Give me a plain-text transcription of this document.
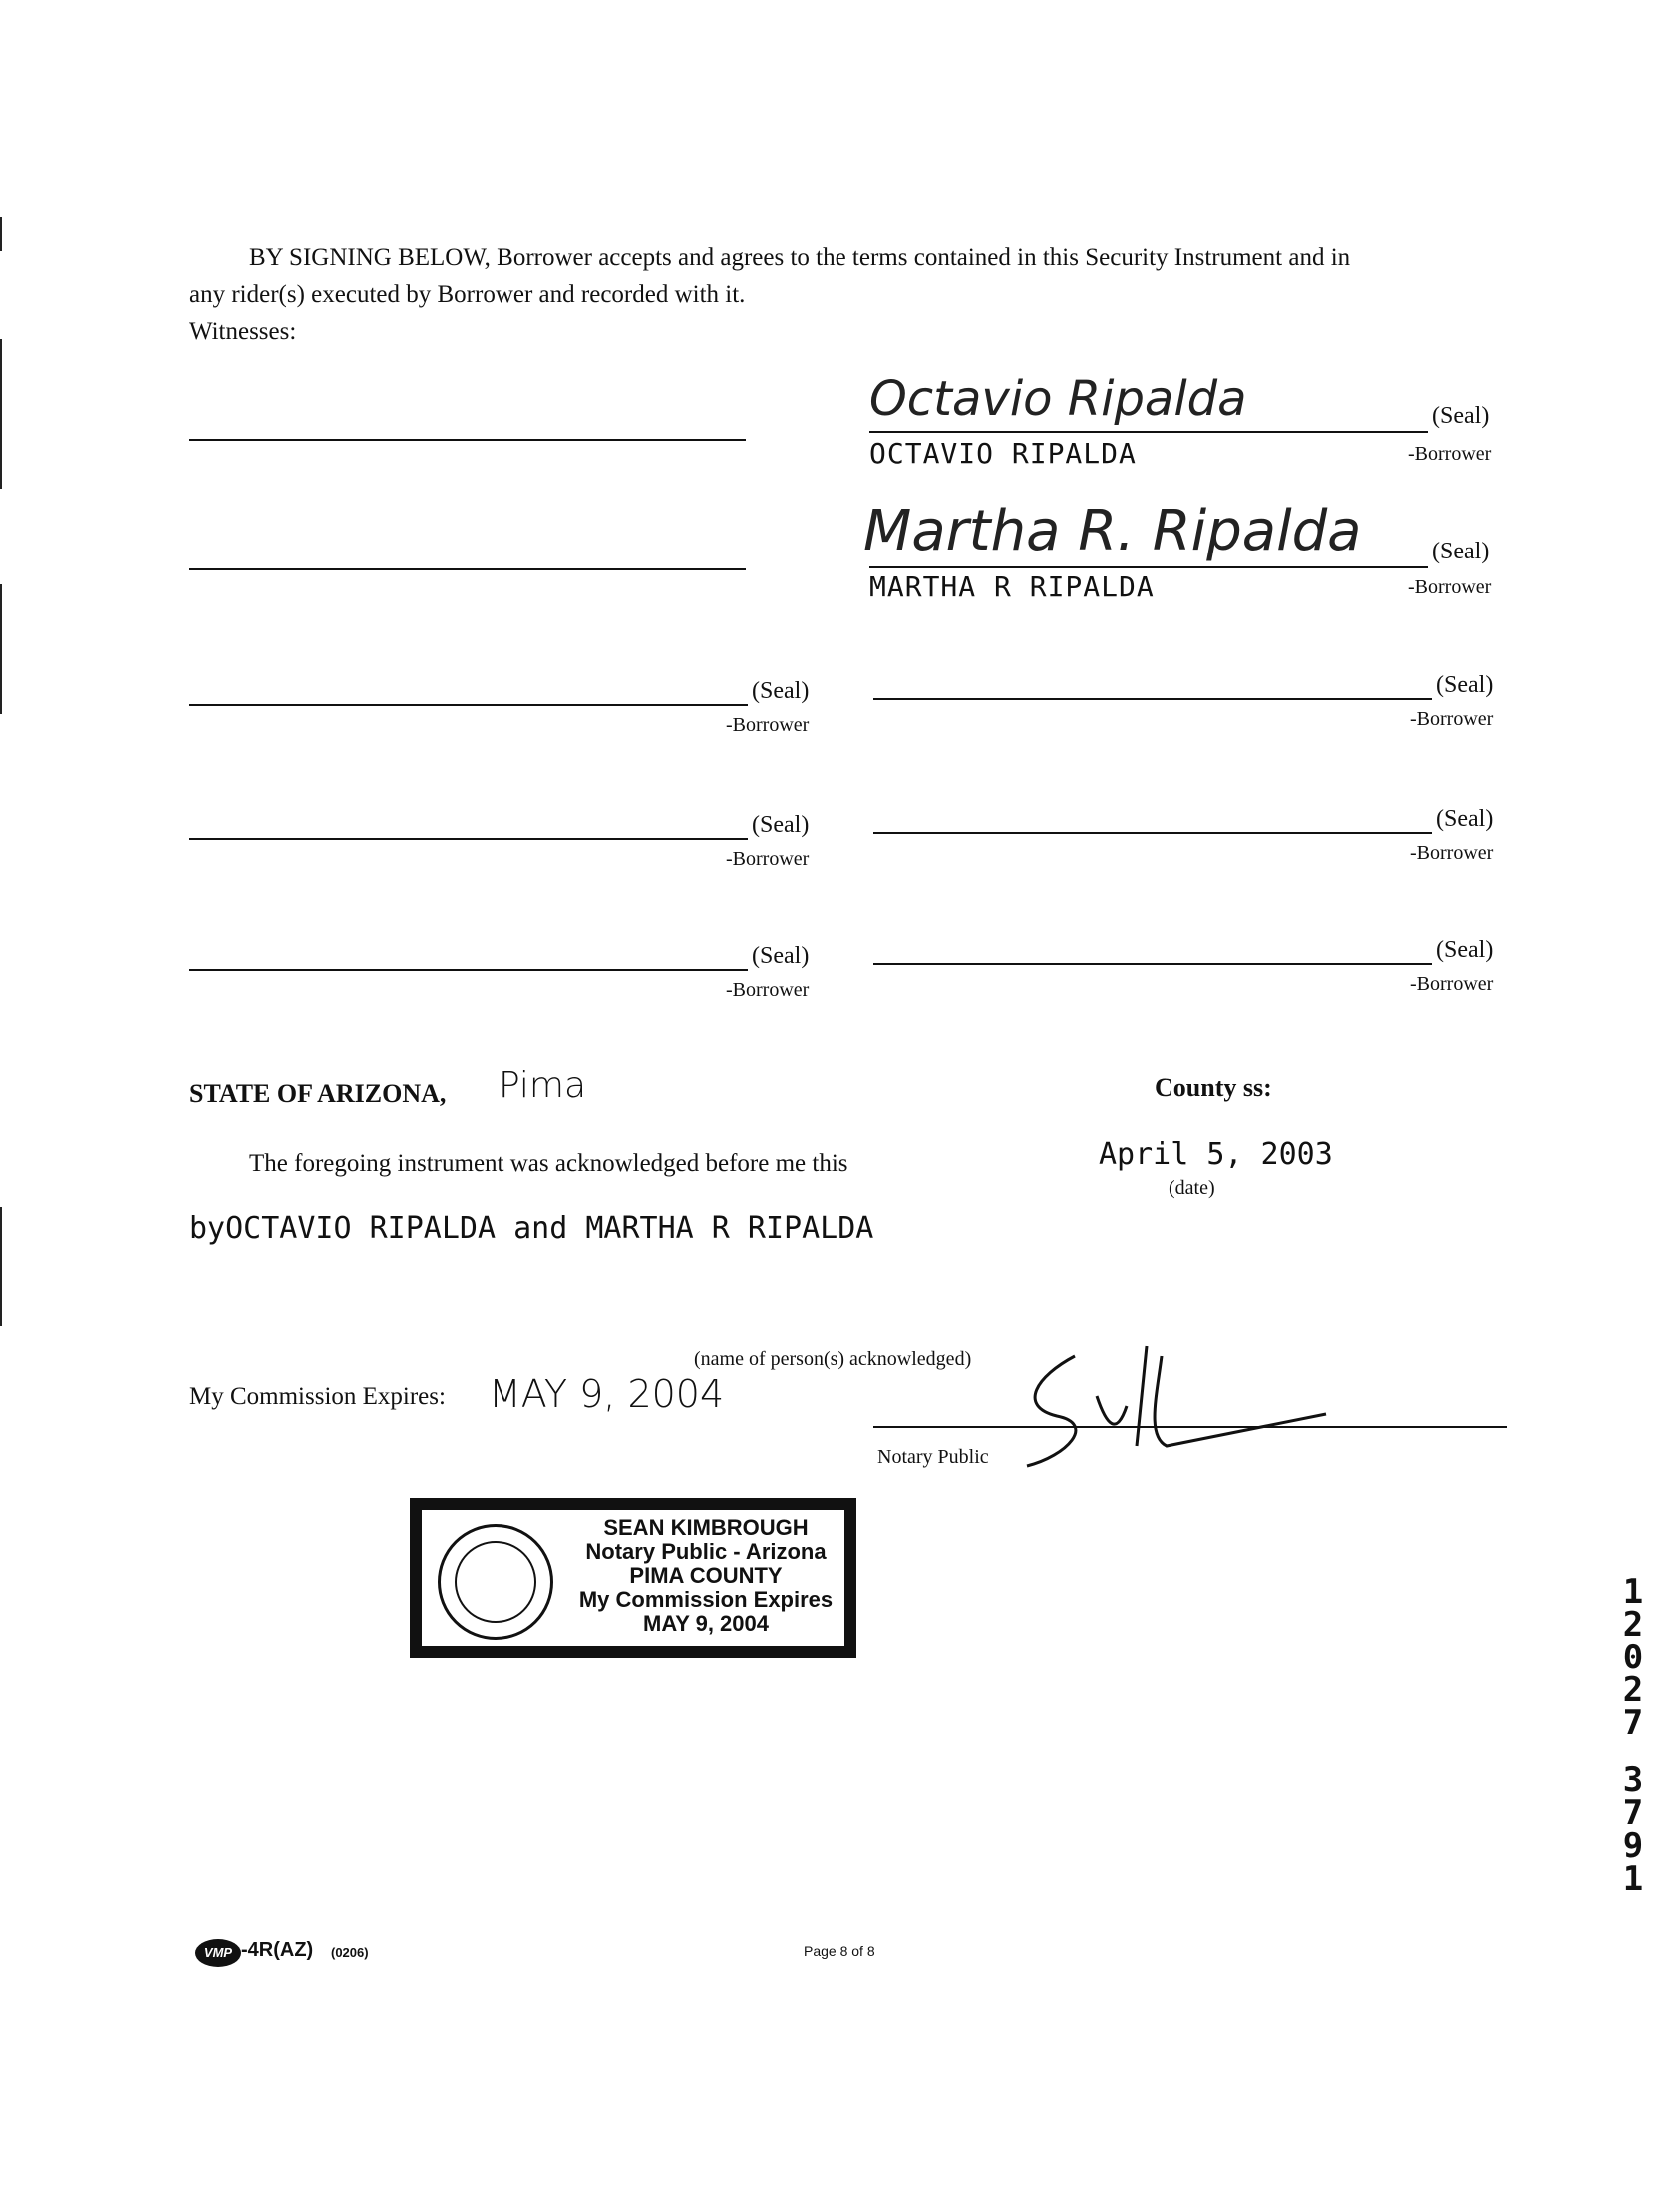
BY SIGNING BELOW, Borrower accepts and agrees to the terms contained in this Security Instrument and in
any rider(s) executed by Borrower and recorded with it.
Witnesses:
Octavio Ripalda	(Seal)
OCTAVIO RIPALDA	-Borrower
Martha R. Ripalda	(Seal)
MARTHA R RIPALDA	-Borrower
(Seal)
-Borrower
(Seal)
-Borrower
(Seal)
-Borrower
(Seal)
-Borrower
(Seal)
-Borrower
(Seal)
-Borrower
STATE OF ARIZONA, Pima	County ss:
The foregoing instrument was acknowledged before me this	April 5, 2003
(date)
byOCTAVIO RIPALDA and MARTHA R RIPALDA
(name of person(s) acknowledged)
My Commission Expires: MAY 9, 2004
Notary Public
SEAN KIMBROUGH
Notary Public - Arizona
PIMA COUNTY
My Commission Expires
MAY 9, 2004
1
2
0
2
7
3
7
9
1
VMP -4R(AZ) (0206)	Page 8 of 8
